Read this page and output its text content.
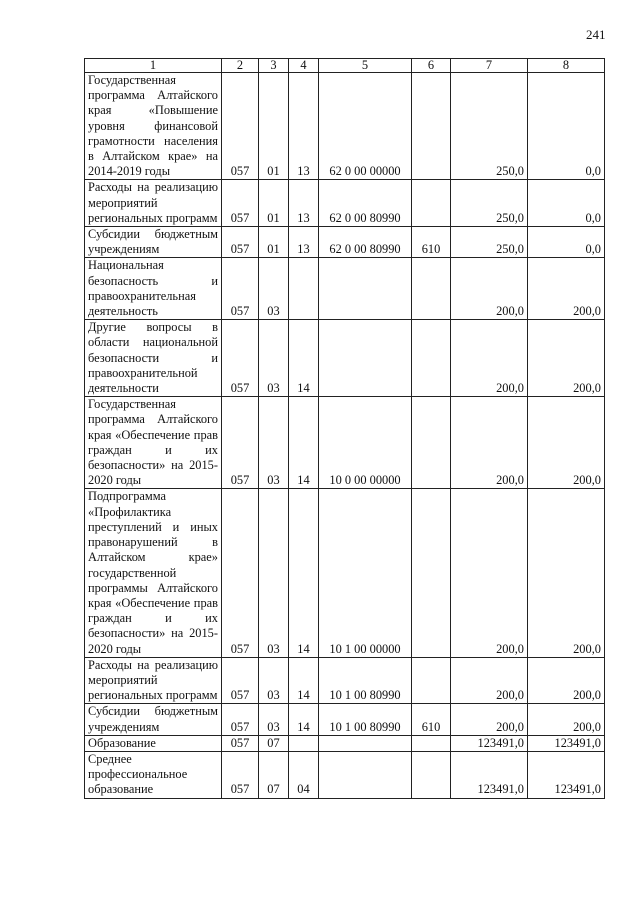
241
1	2	3	4	5	6	7	8
Государственная программа Алтайского края «Повышение уровня финансовой грамотности населения в Алтайском крае» на 2014-2019 годы	057	01	13	62 0 00 00000		250,0	0,0
Расходы на реализацию мероприятий региональных программ	057	01	13	62 0 00 80990		250,0	0,0
Субсидии бюджетным учреждениям	057	01	13	62 0 00 80990	610	250,0	0,0
Национальная безопасность и правоохранительная деятельность	057	03				200,0	200,0
Другие вопросы в области национальной безопасности и правоохранительной деятельности	057	03	14			200,0	200,0
Государственная программа Алтайского края «Обеспечение прав граждан и их безопасности» на 2015-2020 годы	057	03	14	10 0 00 00000		200,0	200,0
Подпрограмма «Профилактика преступлений и иных правонарушений в Алтайском крае» государственной программы Алтайского края «Обеспечение прав граждан и их безопасности» на 2015-2020 годы	057	03	14	10 1 00 00000		200,0	200,0
Расходы на реализацию мероприятий региональных программ	057	03	14	10 1 00 80990		200,0	200,0
Субсидии бюджетным учреждениям	057	03	14	10 1 00 80990	610	200,0	200,0
Образование	057	07				123491,0	123491,0
Среднее профессиональное образование	057	07	04			123491,0	123491,0
